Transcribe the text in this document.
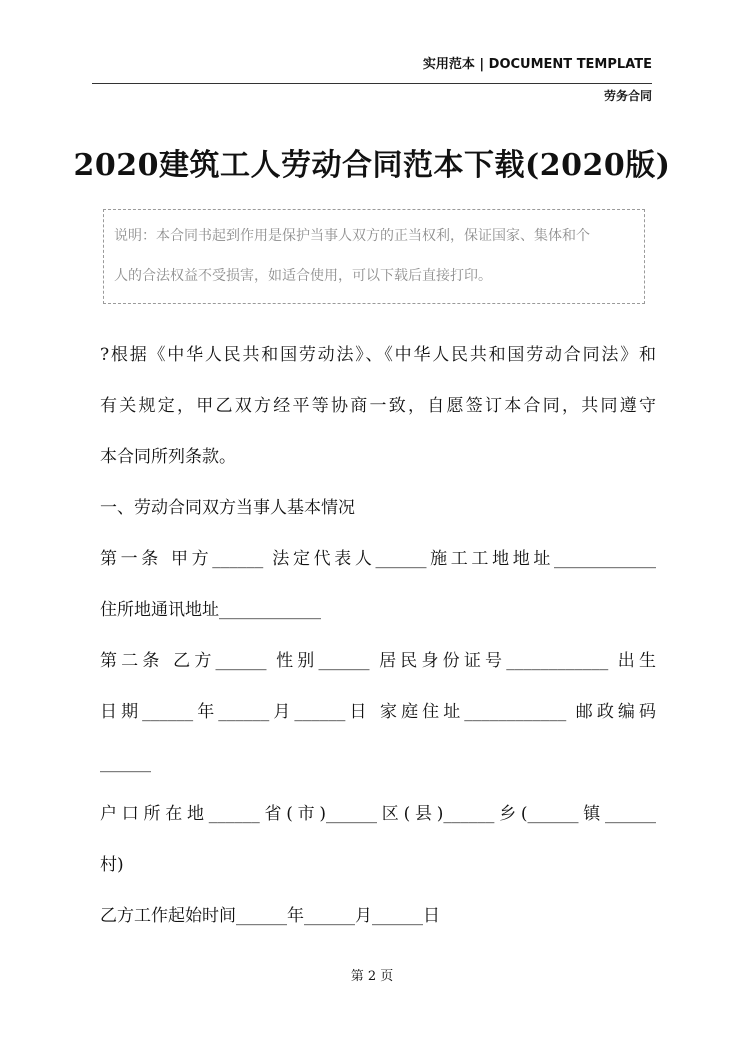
实用范本 | DOCUMENT TEMPLATE
劳务合同
2020建筑工人劳动合同范本下载(2020版)
说明：本合同书起到作用是保护当事人双方的正当权利，保证国家、集体和个
人的合法权益不受损害，如适合使用，可以下载后直接打印。

?根据《中华人民共和国劳动法》、《中华人民共和国劳动合同法》和

有关规定，甲乙双方经平等协商一致，自愿签订本合同，共同遵守

本合同所列条款。

一、劳动合同双方当事人基本情况

第一条 甲方______ 法定代表人______施工工地地址____________

住所地通讯地址____________

第二条 乙方______ 性别______ 居民身份证号____________ 出生

日期______年______月______日 家庭住址____________ 邮政编码

______

户口所在地______省(市)______区(县)______乡(______镇______

村)

乙方工作起始时间______年______月______日

第 2 页
